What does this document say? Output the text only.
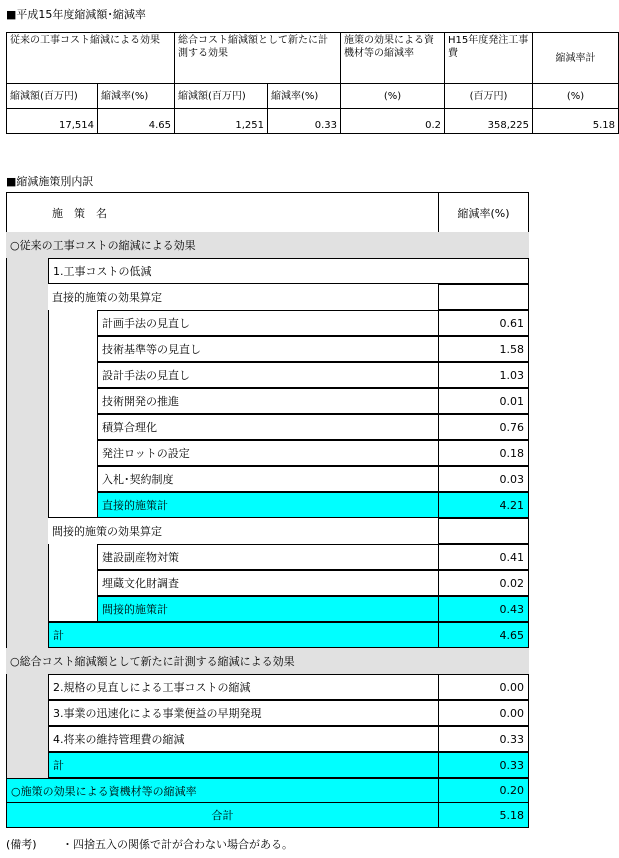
■平成15年度縮減額･縮減率
従来の工事コスト縮減による効果		総合コスト縮減額として新たに計測する効果		施策の効果による資機材等の縮減率	H15年度発注工事費	縮減率計
縮減額(百万円)	縮減率(%)	縮減額(百万円)	縮減率(%)	(%)	(百万円)	(%)
17,514	4.65	1,251	0.33	0.2	358,225	5.18
■縮減施策別内訳
施　策　名	縮減率(%)
○従来の工事コストの縮減による効果
1.工事コストの低減
直接的施策の効果算定
計画手法の見直し	0.61
技術基準等の見直し	1.58
設計手法の見直し	1.03
技術開発の推進	0.01
積算合理化	0.76
発注ロットの設定	0.18
入札･契約制度	0.03
直接的施策計	4.21
間接的施策の効果算定
建設副産物対策	0.41
埋蔵文化財調査	0.02
間接的施策計	0.43
計	4.65
○総合コスト縮減額として新たに計測する縮減による効果
2.規格の見直しによる工事コストの縮減	0.00
3.事業の迅速化による事業便益の早期発現	0.00
4.将来の維持管理費の縮減	0.33
計	0.33
○施策の効果による資機材等の縮減率	0.20
合計	5.18
(備考) ・四捨五入の関係で計が合わない場合がある。
